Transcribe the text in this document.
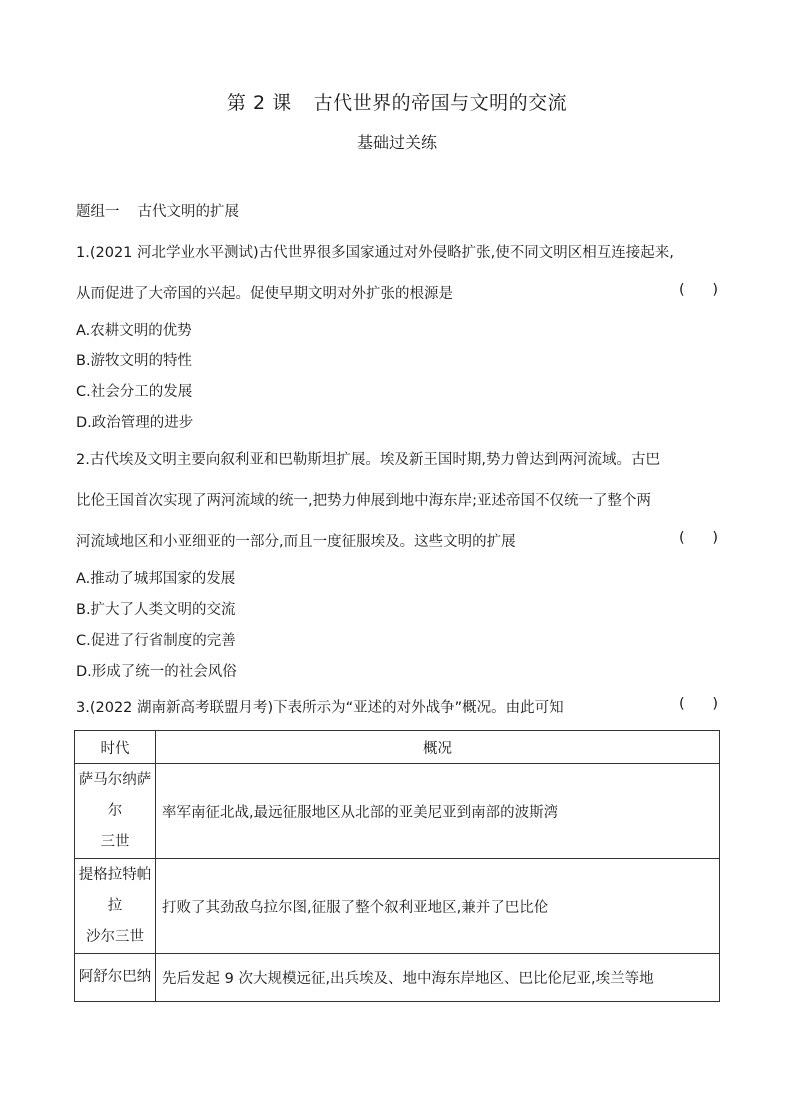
第 2 课 古代世界的帝国与文明的交流
基础过关练
题组一 古代文明的扩展
1.(2021 河北学业水平测试)古代世界很多国家通过对外侵略扩张,使不同文明区相互连接起来,
从而促进了大帝国的兴起。促使早期文明对外扩张的根源是	(      )
A.农耕文明的优势
B.游牧文明的特性
C.社会分工的发展
D.政治管理的进步
2.古代埃及文明主要向叙利亚和巴勒斯坦扩展。埃及新王国时期,势力曾达到两河流域。古巴
比伦王国首次实现了两河流域的统一,把势力伸展到地中海东岸;亚述帝国不仅统一了整个两
河流域地区和小亚细亚的一部分,而且一度征服埃及。这些文明的扩展	(      )
A.推动了城邦国家的发展
B.扩大了人类文明的交流
C.促进了行省制度的完善
D.形成了统一的社会风俗
3.(2022 湖南新高考联盟月考)下表所示为“亚述的对外战争”概况。由此可知	(      )
时代	概况

萨马尔纳萨
尔
三世	率军南征北战,最远征服地区从北部的亚美尼亚到南部的波斯湾

提格拉特帕
拉
沙尔三世	打败了其劲敌乌拉尔图,征服了整个叙利亚地区,兼并了巴比伦

阿舒尔巴纳	先后发起 9 次大规模远征,出兵埃及、地中海东岸地区、巴比伦尼亚,埃兰等地
